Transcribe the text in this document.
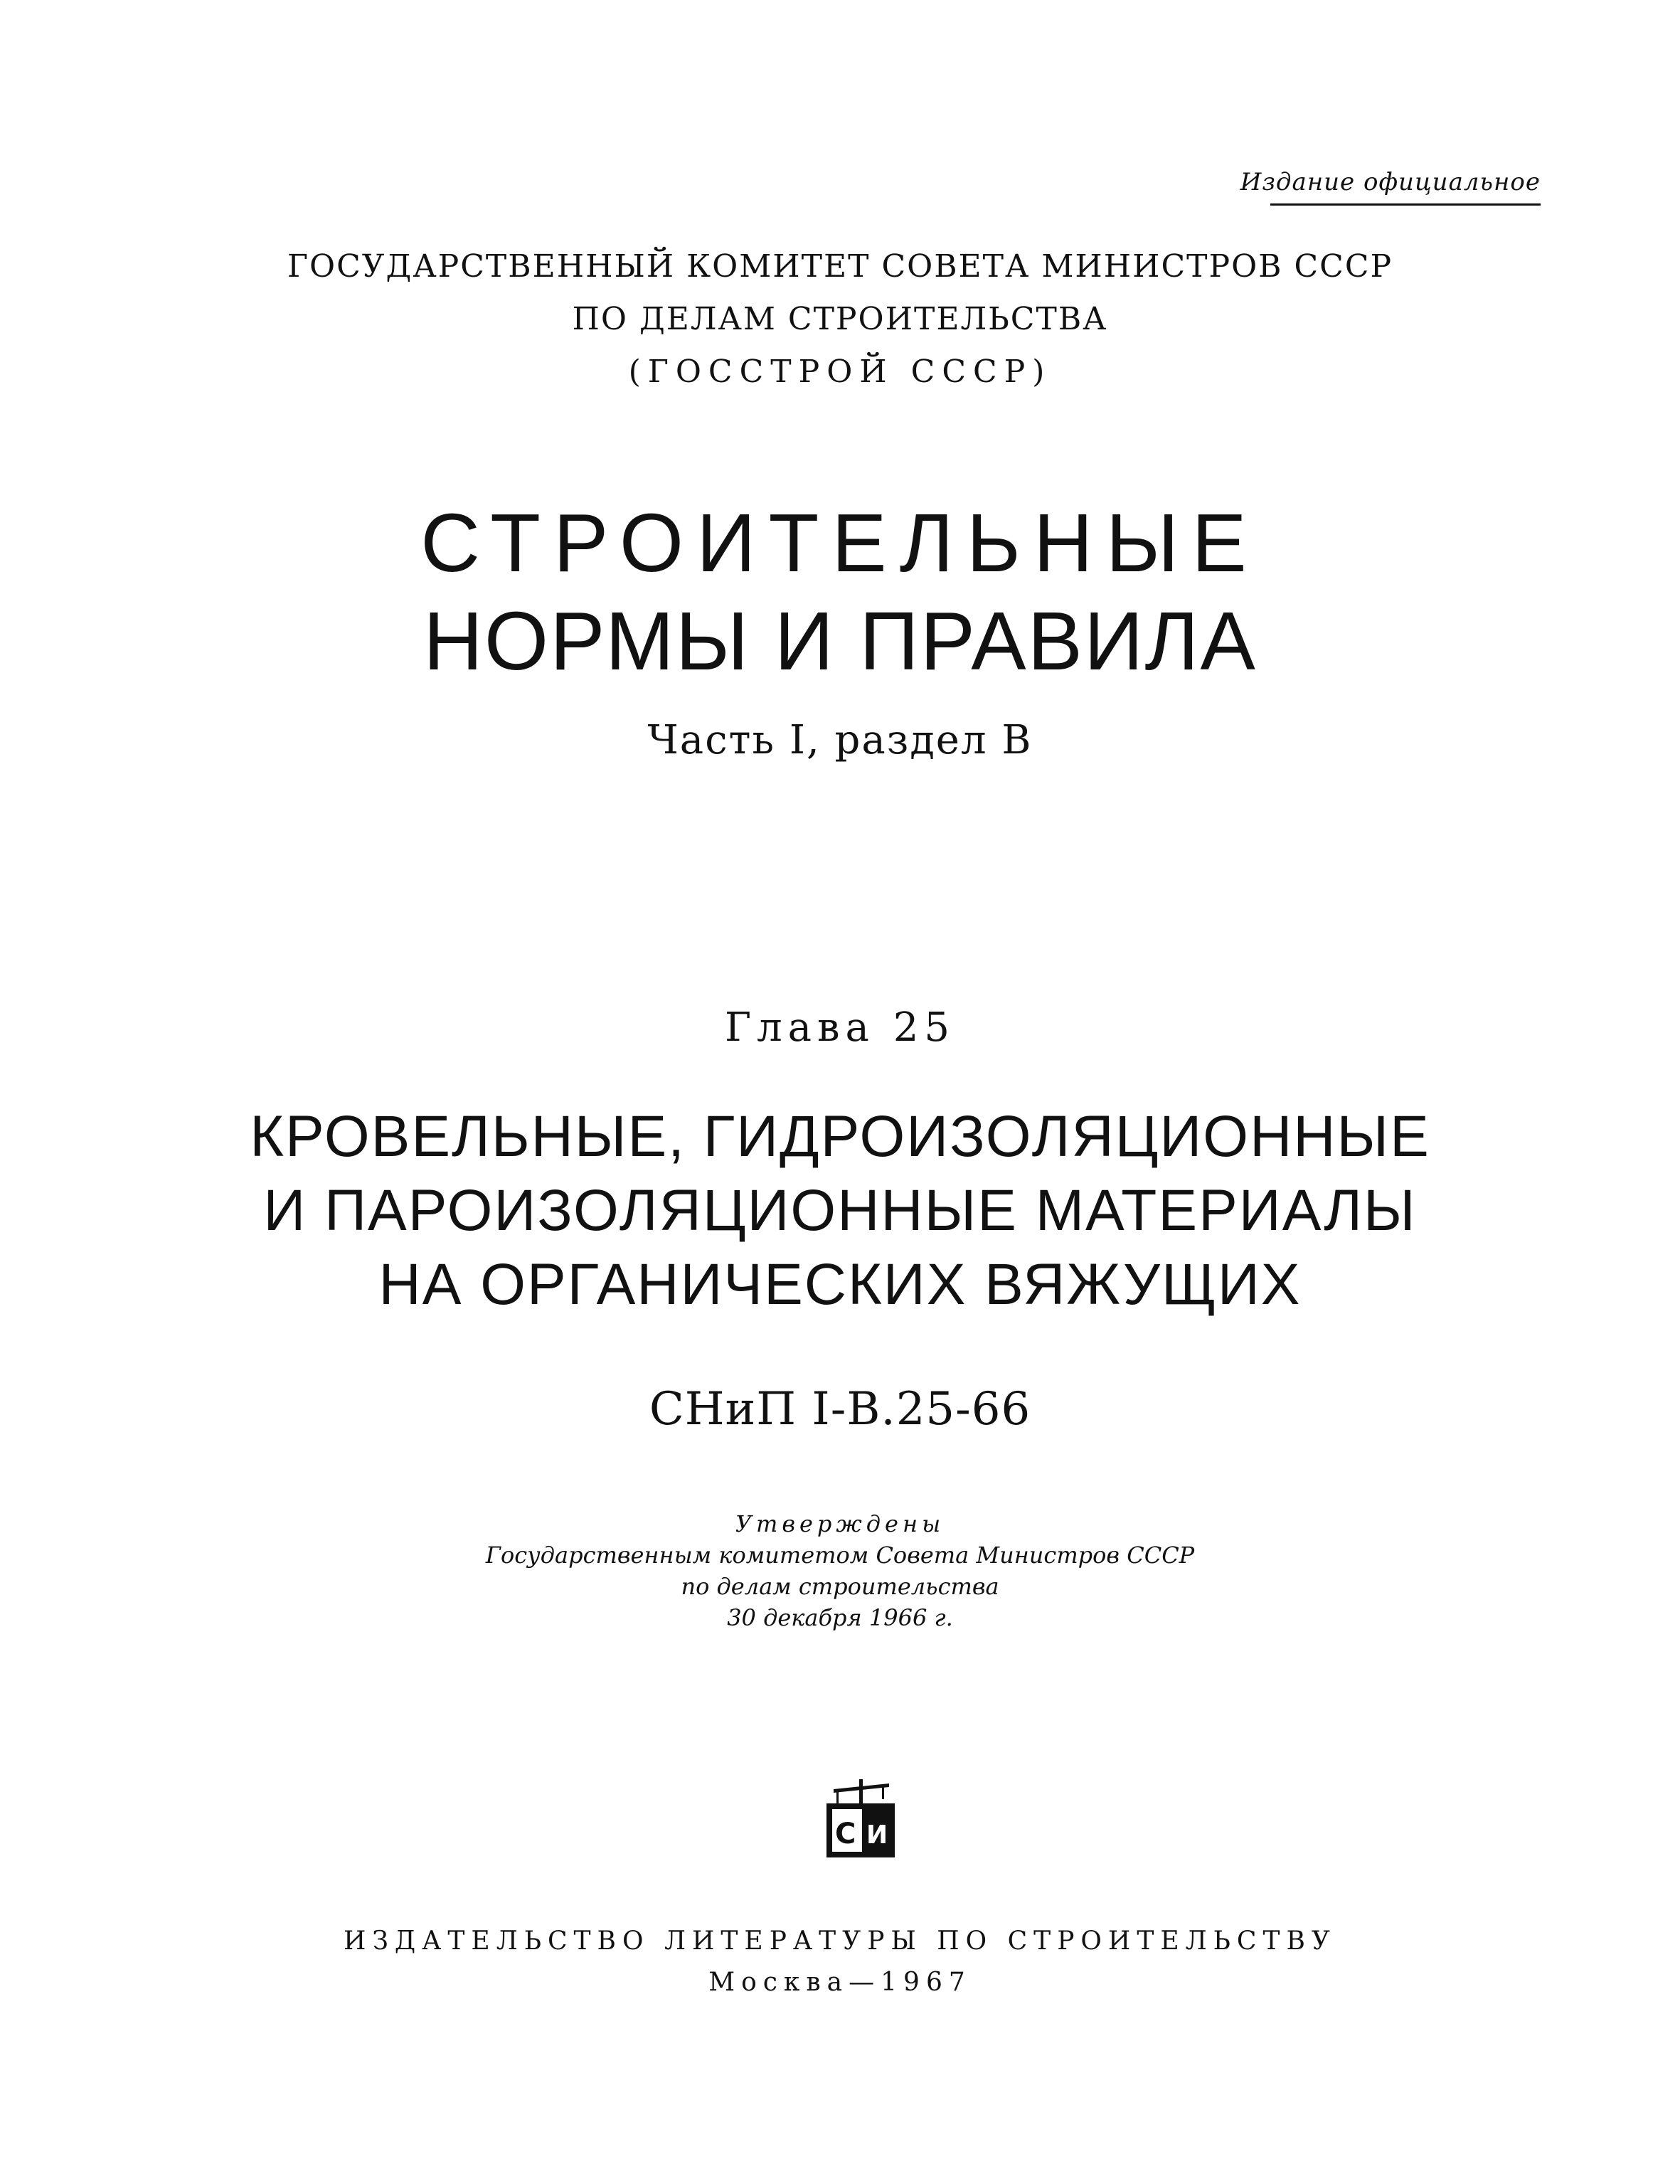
Издание официальное
ГОСУДАРСТВЕННЫЙ КОМИТЕТ СОВЕТА МИНИСТРОВ СССР
ПО ДЕЛАМ СТРОИТЕЛЬСТВА
(ГОССТРОЙ СССР)
СТРОИТЕЛЬНЫЕ
НОРМЫ И ПРАВИЛА
Часть I, раздел В
Глава 25
КРОВЕЛЬНЫЕ, ГИДРОИЗОЛЯЦИОННЫЕ
И ПАРОИЗОЛЯЦИОННЫЕ МАТЕРИАЛЫ
НА ОРГАНИЧЕСКИХ ВЯЖУЩИХ
СНиП I-В.25-66
Утверждены
Государственным комитетом Совета Министров СССР
по делам строительства
30 декабря 1966 г.
С И
ИЗДАТЕЛЬСТВО ЛИТЕРАТУРЫ ПО СТРОИТЕЛЬСТВУ
Москва—1967
